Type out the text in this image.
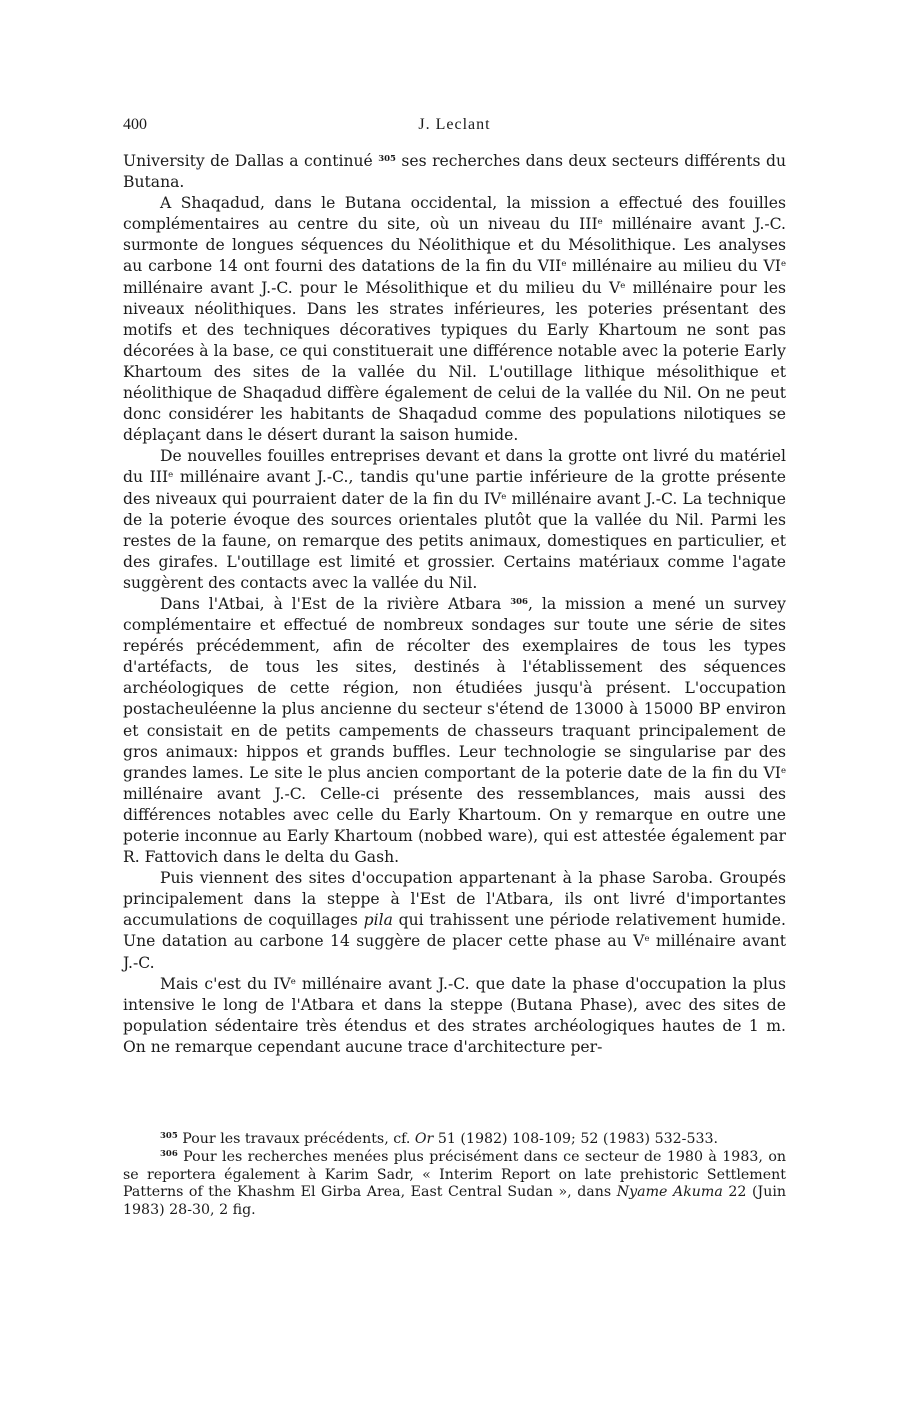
400	J. Leclant

University de Dallas a continué $^{305}$ ses recherches dans deux secteurs différents du Butana.

A Shaqadud, dans le Butana occidental, la mission a effectué des fouilles complémentaires au centre du site, où un niveau du IIIe millénaire avant J.-C. surmonte de longues séquences du Néolithique et du Mésolithique. Les analyses au carbone 14 ont fourni des datations de la fin du VIIe millénaire au milieu du VIe millénaire avant J.-C. pour le Mésolithique et du milieu du Ve millénaire pour les niveaux néolithiques. Dans les strates inférieures, les poteries présentant des motifs et des techniques décoratives typiques du Early Khartoum ne sont pas décorées à la base, ce qui constituerait une différence notable avec la poterie Early Khartoum des sites de la vallée du Nil. L'outillage lithique mésolithique et néolithique de Shaqadud diffère également de celui de la vallée du Nil. On ne peut donc considérer les habitants de Shaqadud comme des populations nilotiques se déplaçant dans le désert durant la saison humide.

De nouvelles fouilles entreprises devant et dans la grotte ont livré du matériel du IIIe millénaire avant J.-C., tandis qu'une partie inférieure de la grotte présente des niveaux qui pourraient dater de la fin du IVe millénaire avant J.-C. La technique de la poterie évoque des sources orientales plutôt que la vallée du Nil. Parmi les restes de la faune, on remarque des petits animaux, domestiques en particulier, et des girafes. L'outillage est limité et grossier. Certains matériaux comme l'agate suggèrent des contacts avec la vallée du Nil.

Dans l'Atbai, à l'Est de la rivière Atbara $^{306}$, la mission a mené un survey complémentaire et effectué de nombreux sondages sur toute une série de sites repérés précédemment, afin de récolter des exemplaires de tous les types d'artéfacts, de tous les sites, destinés à l'établissement des séquences archéologiques de cette région, non étudiées jusqu'à présent. L'occupation postacheuléenne la plus ancienne du secteur s'étend de 13000 à 15000 BP environ et consistait en de petits campements de chasseurs traquant principalement de gros animaux: hippos et grands buffles. Leur technologie se singularise par des grandes lames. Le site le plus ancien comportant de la poterie date de la fin du VIe millénaire avant J.-C. Celle-ci présente des ressemblances, mais aussi des différences notables avec celle du Early Khartoum. On y remarque en outre une poterie inconnue au Early Khartoum (nobbed ware), qui est attestée également par R. Fattovich dans le delta du Gash.

Puis viennent des sites d'occupation appartenant à la phase Saroba. Groupés principalement dans la steppe à l'Est de l'Atbara, ils ont livré d'importantes accumulations de coquillages pila qui trahissent une période relativement humide. Une datation au carbone 14 suggère de placer cette phase au Ve millénaire avant J.-C.

Mais c'est du IVe millénaire avant J.-C. que date la phase d'occupation la plus intensive le long de l'Atbara et dans la steppe (Butana Phase), avec des sites de population sédentaire très étendus et des strates archéologiques hautes de 1 m. On ne remarque cependant aucune trace d'architecture per-

$^{305}$ Pour les travaux précédents, cf. Or 51 (1982) 108-109; 52 (1983) 532-533.

$^{306}$ Pour les recherches menées plus précisément dans ce secteur de 1980 à 1983, on se reportera également à Karim Sadr, « Interim Report on late prehistoric Settlement Patterns of the Khashm El Girba Area, East Central Sudan », dans Nyame Akuma 22 (Juin 1983) 28-30, 2 fig.
